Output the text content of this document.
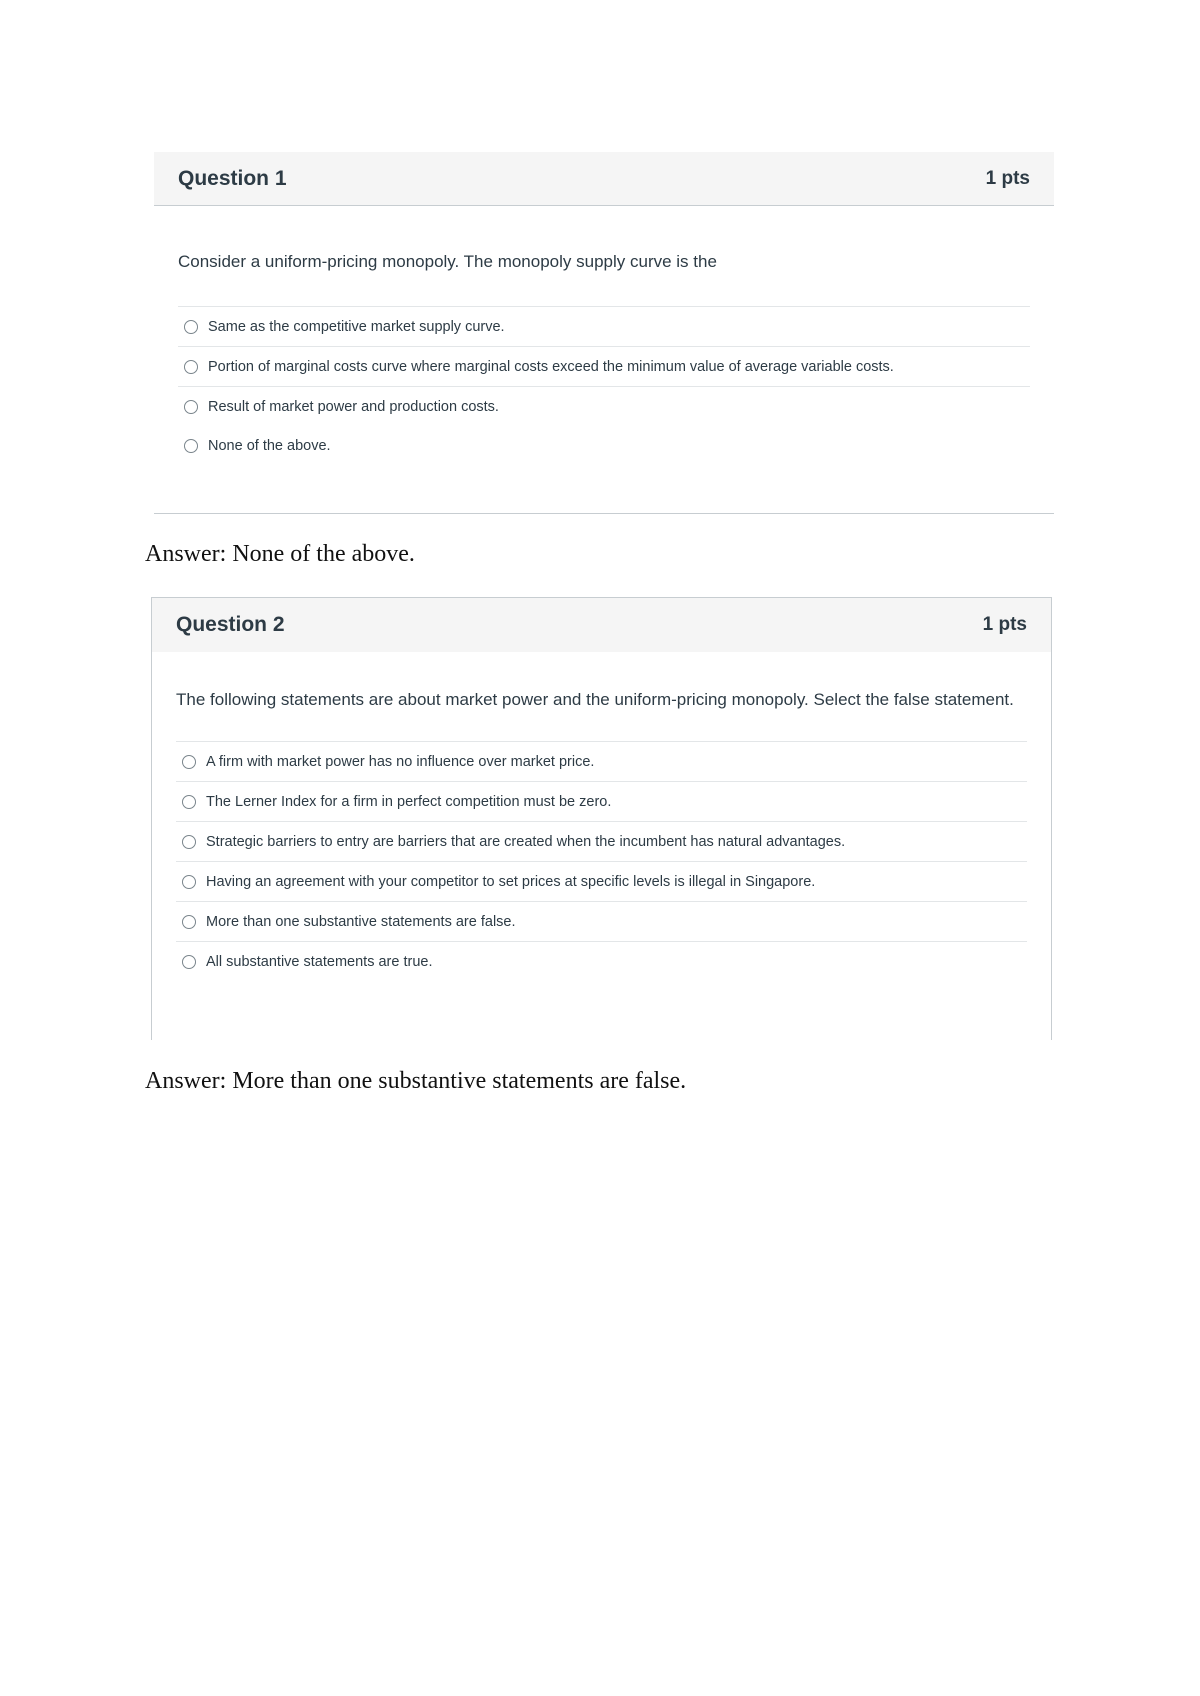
Question 1	1 pts
Consider a uniform-pricing monopoly. The monopoly supply curve is the
Same as the competitive market supply curve.
Portion of marginal costs curve where marginal costs exceed the minimum value of average variable costs.
Result of market power and production costs.
None of the above.
Answer: None of the above.
Question 2	1 pts
The following statements are about market power and the uniform-pricing monopoly. Select the false statement.
A firm with market power has no influence over market price.
The Lerner Index for a firm in perfect competition must be zero.
Strategic barriers to entry are barriers that are created when the incumbent has natural advantages.
Having an agreement with your competitor to set prices at specific levels is illegal in Singapore.
More than one substantive statements are false.
All substantive statements are true.
Answer: More than one substantive statements are false.
